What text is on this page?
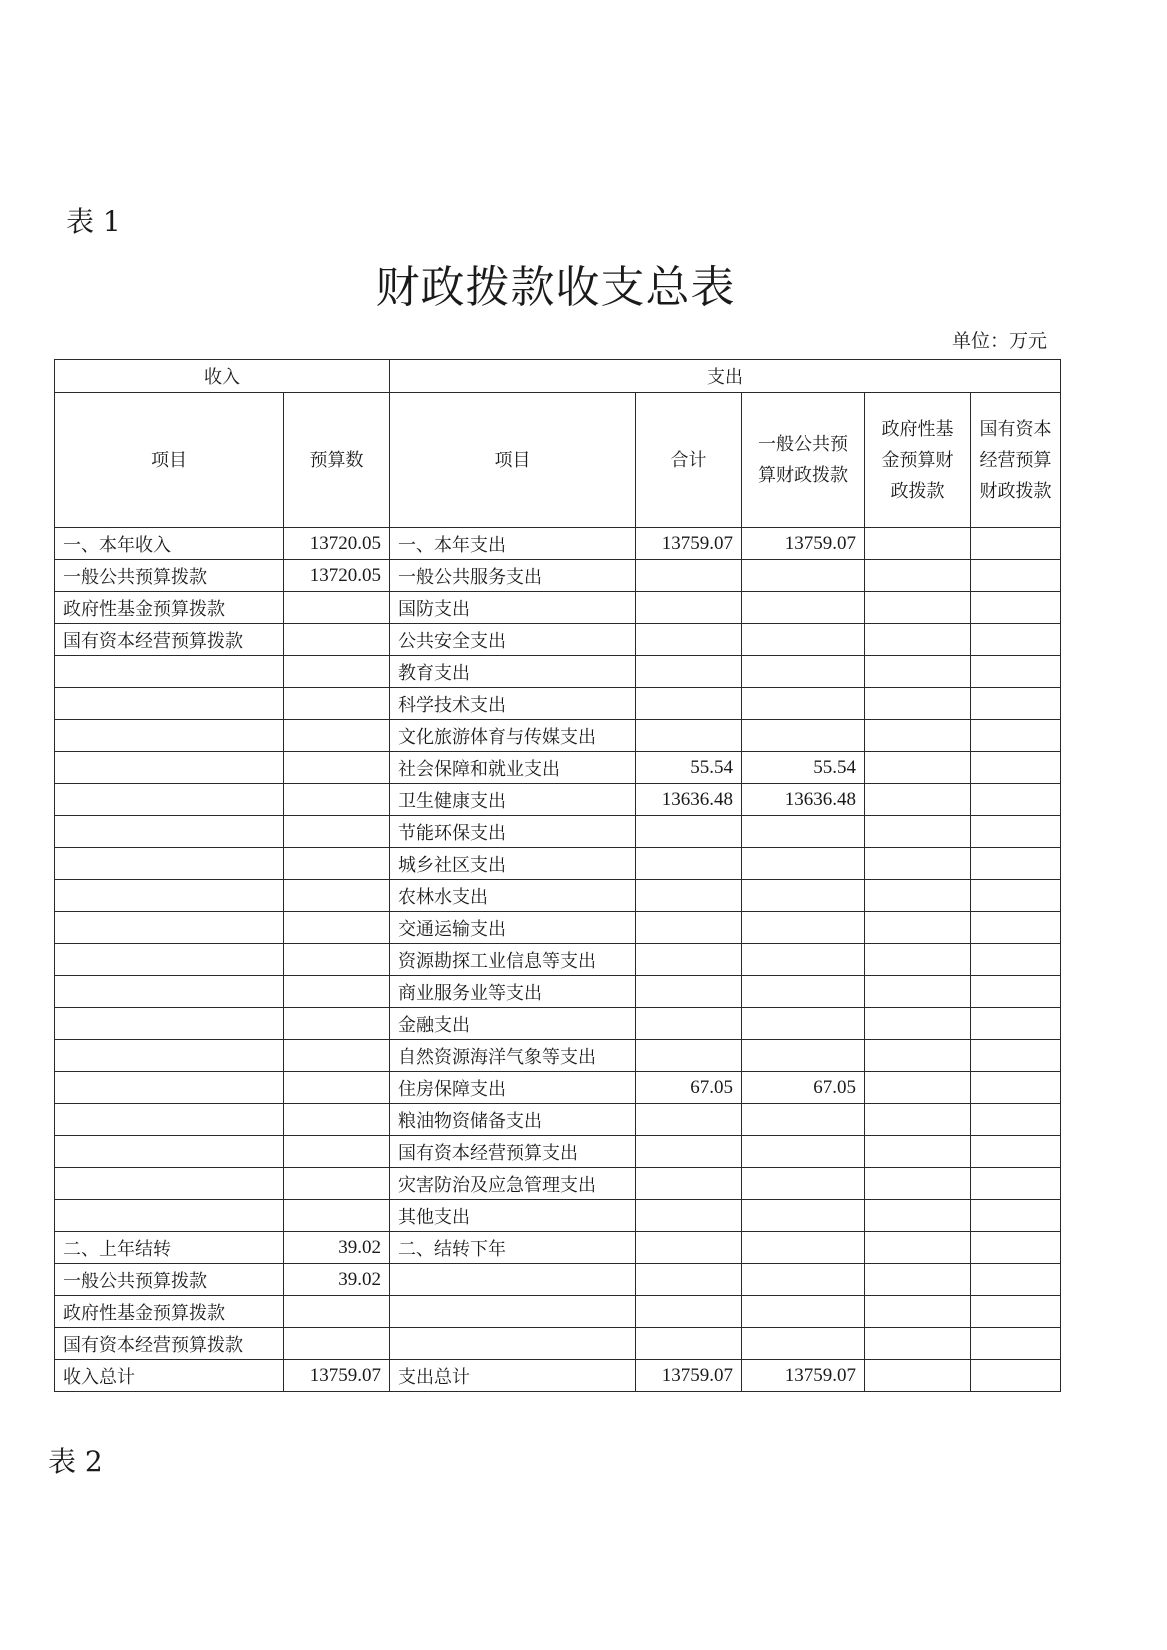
表 1
财政拨款收支总表
单位：万元
收入		支出				
项目	预算数	项目	合计	一般公共预算财政拨款	政府性基金预算财政拨款	国有资本经营预算财政拨款
一、本年收入	13720.05	一、本年支出	13759.07	13759.07		
一般公共预算拨款	13720.05	一般公共服务支出				
政府性基金预算拨款		国防支出				
国有资本经营预算拨款		公共安全支出				
		教育支出				
		科学技术支出				
		文化旅游体育与传媒支出				
		社会保障和就业支出	55.54	55.54		
		卫生健康支出	13636.48	13636.48		
		节能环保支出				
		城乡社区支出				
		农林水支出				
		交通运输支出				
		资源勘探工业信息等支出				
		商业服务业等支出				
		金融支出				
		自然资源海洋气象等支出				
		住房保障支出	67.05	67.05		
		粮油物资储备支出				
		国有资本经营预算支出				
		灾害防治及应急管理支出				
		其他支出				
二、上年结转	39.02	二、结转下年				
一般公共预算拨款	39.02					
政府性基金预算拨款						
国有资本经营预算拨款						
收入总计	13759.07	支出总计	13759.07	13759.07		
表 2
